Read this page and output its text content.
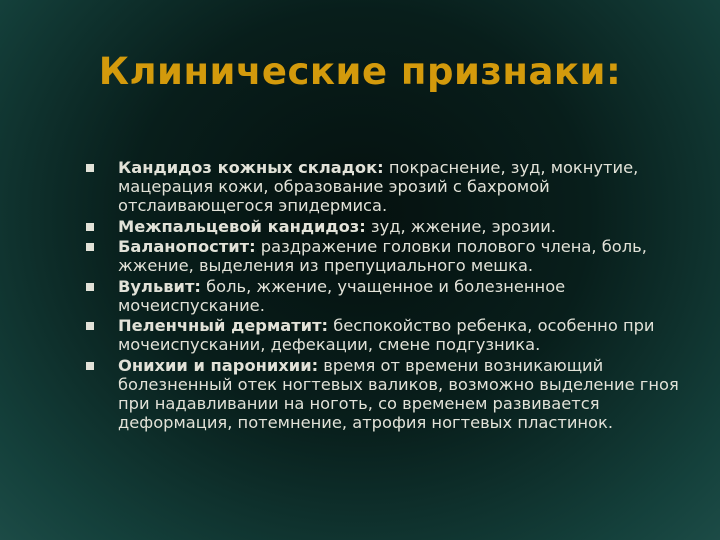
Клинические признаки:
Кандидоз кожных складок: покраснение, зуд, мокнутие, мацерация кожи, образование эрозий с бахромой отслаивающегося эпидермиса.
Межпальцевой кандидоз: зуд, жжение, эрозии.
Баланопостит: раздражение головки полового члена, боль, жжение, выделения из препуциального мешка.
Вульвит: боль, жжение, учащенное и болезненное мочеиспускание.
Пеленчный дерматит: беспокойство ребенка, особенно при мочеиспускании, дефекации, смене подгузника.
Онихии и паронихии: время от времени возникающий болезненный отек ногтевых валиков, возможно выделение гноя при надавливании на ноготь, со временем развивается деформация, потемнение, атрофия ногтевых пластинок.
